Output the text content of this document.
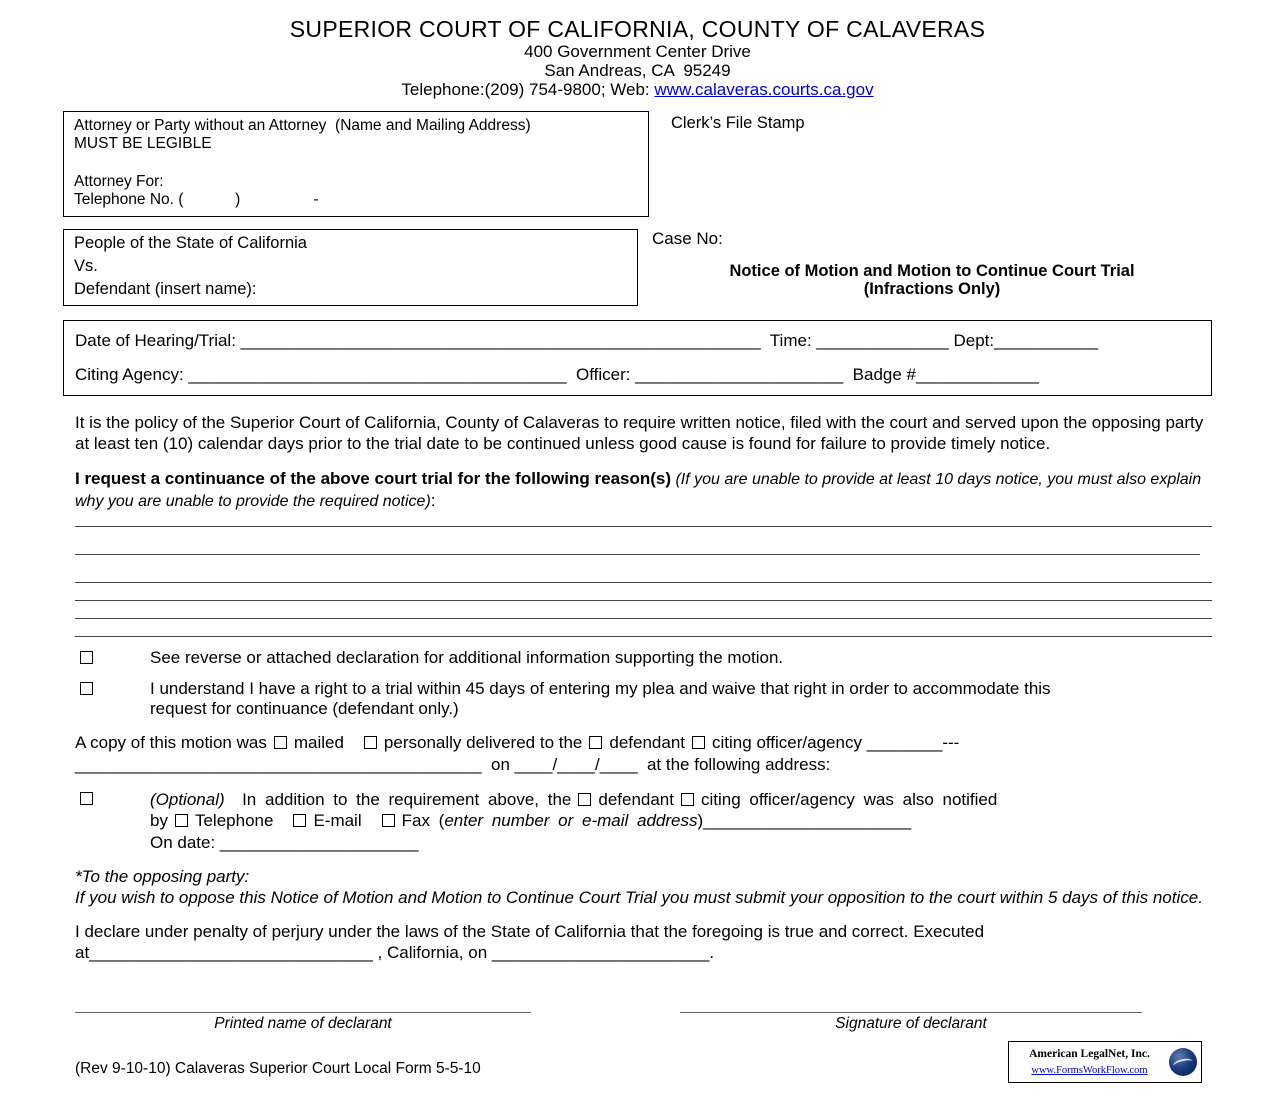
SUPERIOR COURT OF CALIFORNIA, COUNTY OF CALAVERAS
400 Government Center Drive
San Andreas, CA  95249
Telephone:(209) 754-9800; Web: www.calaveras.courts.ca.gov
Attorney or Party without an Attorney  (Name and Mailing Address)
MUST BE LEGIBLE
Attorney For:
Telephone No. (            )                 -
Clerk’s File Stamp
People of the State of California
Vs.
Defendant (insert name):
Case No:
Notice of Motion and Motion to Continue Court Trial
(Infractions Only)
Date of Hearing/Trial: _______________________________________________________  Time: ______________ Dept:___________
Citing Agency: ________________________________________  Officer: ______________________  Badge #_____________

It is the policy of the Superior Court of California, County of Calaveras to require written notice, filed with the court and served upon the opposing party at least ten (10) calendar days prior to the trial date to be continued unless good cause is found for failure to provide timely notice.

I request a continuance of the above court trial for the following reason(s) (If you are unable to provide at least 10 days notice, you must also explain  why you are unable to provide the required notice):

See reverse or attached declaration for additional information supporting the motion.
I understand I have a right to a trial within 45 days of entering my plea and waive that right in order to accommodate this request for continuance (defendant only.)
A copy of this motion was mailed personally delivered to the defendant citing officer/agency ________---
___________________________________________  on ____/____/____  at the following address:
(Optional)  In addition to the requirement above, the defendant citing officer/agency was also notified
by Telephone E-mail Fax (enter number or e-mail address)______________________
On date: _____________________
*To the opposing party:
If you wish to oppose this Notice of Motion and Motion to Continue Court Trial you must submit your opposition to the court within 5 days of this notice.

I declare under penalty of perjury under the laws of the State of California that the foregoing is true and correct. Executed
at______________________________ , California, on _______________________.

Printed name of declarant	Signature of declarant
(Rev 9-10-10) Calaveras Superior Court Local Form 5-5-10
American LegalNet, Inc.
www.FormsWorkFlow.com
